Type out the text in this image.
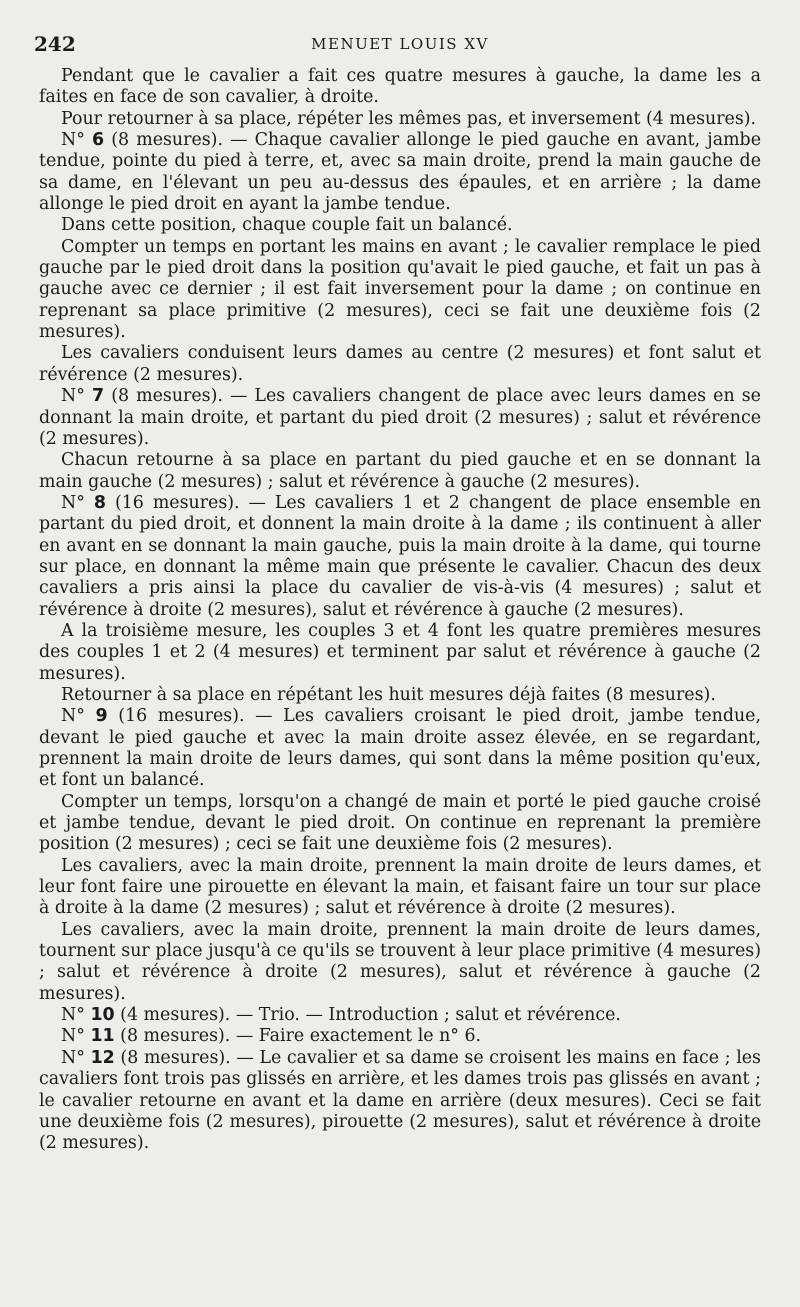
242	MENUET LOUIS XV

Pendant que le cavalier a fait ces quatre mesures à gauche, la dame les a faites en face de son cavalier, à droite.

Pour retourner à sa place, répéter les mêmes pas, et inversement (4 mesures).

N° 6 (8 mesures). — Chaque cavalier allonge le pied gauche en avant, jambe tendue, pointe du pied à terre, et, avec sa main droite, prend la main gauche de sa dame, en l'élevant un peu au-dessus des épaules, et en arrière ; la dame allonge le pied droit en ayant la jambe tendue.

Dans cette position, chaque couple fait un balancé.

Compter un temps en portant les mains en avant ; le cavalier remplace le pied gauche par le pied droit dans la position qu'avait le pied gauche, et fait un pas à gauche avec ce dernier ; il est fait inversement pour la dame ; on continue en reprenant sa place primitive (2 mesures), ceci se fait une deuxième fois (2 mesures).

Les cavaliers conduisent leurs dames au centre (2 mesures) et font salut et révérence (2 mesures).

N° 7 (8 mesures). — Les cavaliers changent de place avec leurs dames en se donnant la main droite, et partant du pied droit (2 mesures) ; salut et révérence (2 mesures).

Chacun retourne à sa place en partant du pied gauche et en se donnant la main gauche (2 mesures) ; salut et révérence à gauche (2 mesures).

N° 8 (16 mesures). — Les cavaliers 1 et 2 changent de place ensemble en partant du pied droit, et donnent la main droite à la dame ; ils continuent à aller en avant en se donnant la main gauche, puis la main droite à la dame, qui tourne sur place, en donnant la même main que présente le cavalier. Chacun des deux cavaliers a pris ainsi la place du cavalier de vis-à-vis (4 mesures) ; salut et révérence à droite (2 mesures), salut et révérence à gauche (2 mesures).

A la troisième mesure, les couples 3 et 4 font les quatre premières mesures des couples 1 et 2 (4 mesures) et terminent par salut et révérence à gauche (2 mesures).

Retourner à sa place en répétant les huit mesures déjà faites (8 mesures).

N° 9 (16 mesures). — Les cavaliers croisant le pied droit, jambe tendue, devant le pied gauche et avec la main droite assez élevée, en se regardant, prennent la main droite de leurs dames, qui sont dans la même position qu'eux, et font un balancé.

Compter un temps, lorsqu'on a changé de main et porté le pied gauche croisé et jambe tendue, devant le pied droit. On continue en reprenant la première position (2 mesures) ; ceci se fait une deuxième fois (2 mesures).

Les cavaliers, avec la main droite, prennent la main droite de leurs dames, et leur font faire une pirouette en élevant la main, et faisant faire un tour sur place à droite à la dame (2 mesures) ; salut et révérence à droite (2 mesures).

Les cavaliers, avec la main droite, prennent la main droite de leurs dames, tournent sur place jusqu'à ce qu'ils se trouvent à leur place primitive (4 mesures) ; salut et révérence à droite (2 mesures), salut et révérence à gauche (2 mesures).

N° 10 (4 mesures). — Trio. — Introduction ; salut et révérence.

N° 11 (8 mesures). — Faire exactement le n° 6.

N° 12 (8 mesures). — Le cavalier et sa dame se croisent les mains en face ; les cavaliers font trois pas glissés en arrière, et les dames trois pas glissés en avant ; le cavalier retourne en avant et la dame en arrière (deux mesures). Ceci se fait une deuxième fois (2 mesures), pirouette (2 mesures), salut et révérence à droite (2 mesures).
